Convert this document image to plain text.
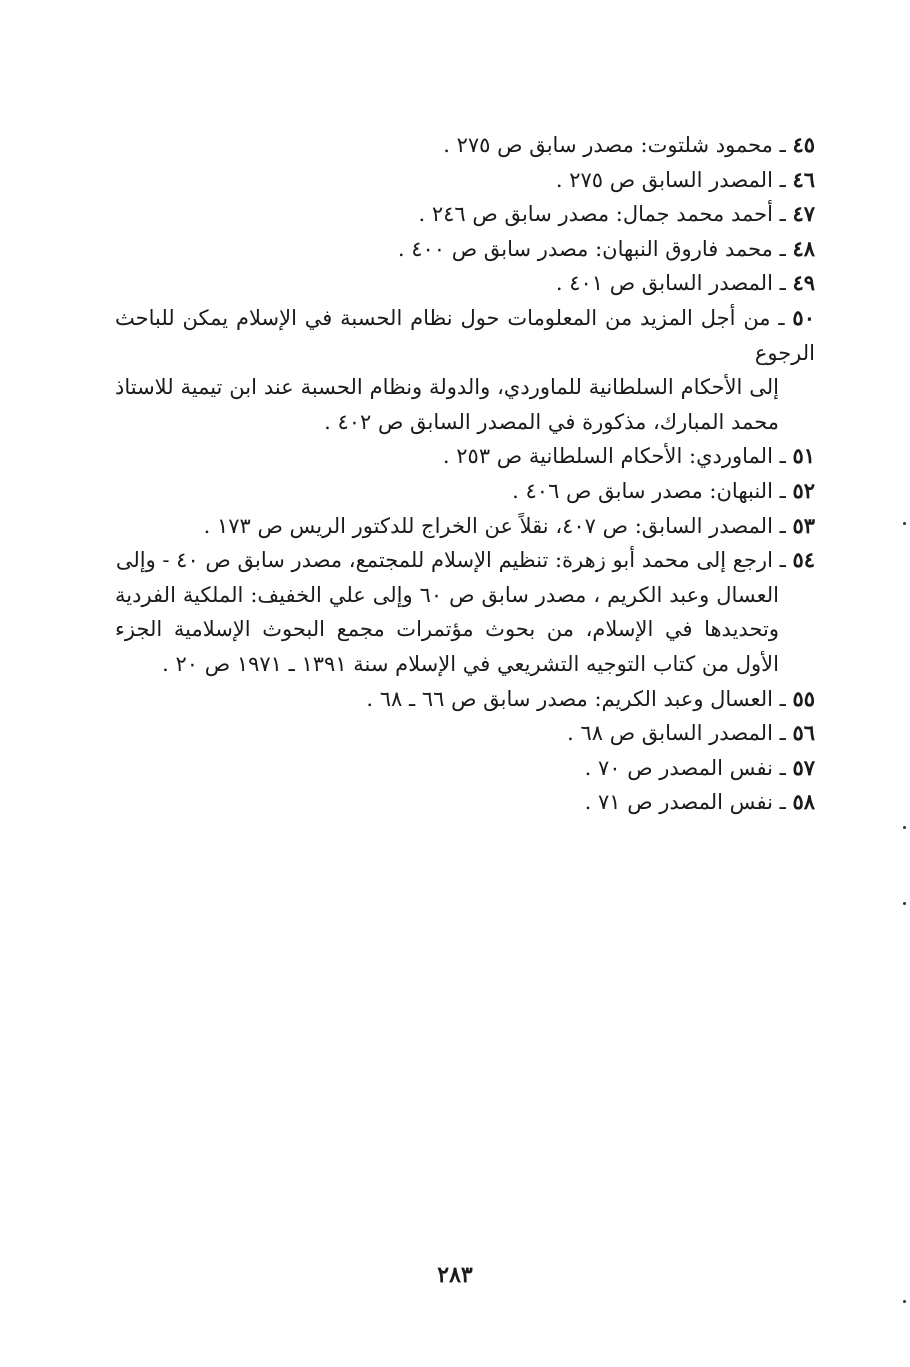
٤٥ ـ محمود شلتوت: مصدر سابق ص ٢٧٥ .

٤٦ ـ المصدر السابق ص ٢٧٥ .

٤٧ ـ أحمد محمد جمال: مصدر سابق ص ٢٤٦ .

٤٨ ـ محمد فاروق النبهان: مصدر سابق ص ٤٠٠ .

٤٩ ـ المصدر السابق ص ٤٠١ .

٥٠ ـ من أجل المزيد من المعلومات حول نظام الحسبة في الإسلام يمكن للباحث الرجوع
إلى الأحكام السلطانية للماوردي، والدولة ونظام الحسبة عند ابن تيمية للاستاذ محمد المبارك، مذكورة في المصدر السابق ص ٤٠٢ .

٥١ ـ الماوردي: الأحكام السلطانية ص ٢٥٣ .

٥٢ ـ النبهان: مصدر سابق ص ٤٠٦ .

٥٣ ـ المصدر السابق: ص ٤٠٧، نقلاً عن الخراج للدكتور الريس ص ١٧٣ .

٥٤ ـ ارجع إلى محمد أبو زهرة: تنظيم الإسلام للمجتمع، مصدر سابق ص ٤٠ - وإلى
العسال وعبد الكريم ، مصدر سابق ص ٦٠ وإلى علي الخفيف: الملكية الفردية وتحديدها في الإسلام، من بحوث مؤتمرات مجمع البحوث الإسلامية الجزء الأول من كتاب التوجيه التشريعي في الإسلام سنة ١٣٩١ ـ ١٩٧١ ص ٢٠ .

٥٥ ـ العسال وعبد الكريم: مصدر سابق ص ٦٦ ـ ٦٨ .

٥٦ ـ المصدر السابق ص ٦٨ .

٥٧ ـ نفس المصدر ص ٧٠ .

٥٨ ـ نفس المصدر ص ٧١ .

٢٨٣
